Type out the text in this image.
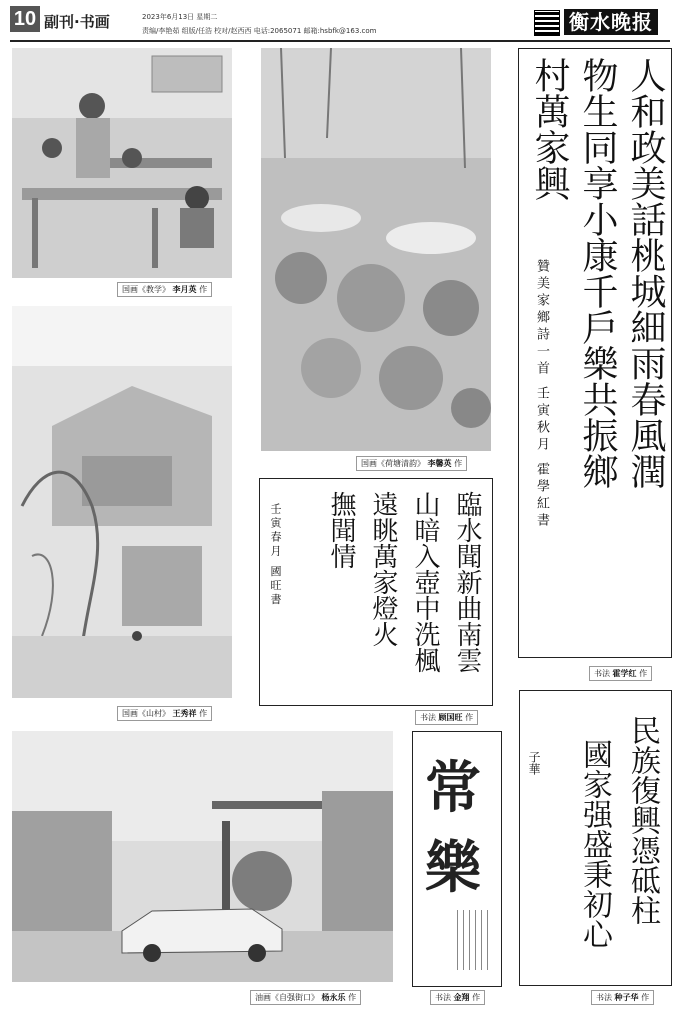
10 副刊·书画	2023年6月13日 星期二
责编/李艳茹 组版/任浩 校对/赵西西 电话:2065071 邮箱:hsbfk@163.com	衡水晚报
国画《教学》 李月英 作
国画《荷塘清韵》 李馨英 作
国画《山村》 王秀祥 作
油画《自强街口》 杨永乐 作
人和政美話桃城細雨春風潤
物生同享小康千戶樂共振鄉
村萬家興
贊美家鄉詩一首 壬寅秋月 霍學紅書
书法 霍学红 作
臨水聞新曲南雲
山暗入壺中洗楓
遠眺萬家燈火
撫聞情
壬寅春月 國旺書
书法 顾国旺 作
常
樂
书法 金翔 作
民族復興憑砥柱
國家强盛秉初心
子華
书法 种子华 作
